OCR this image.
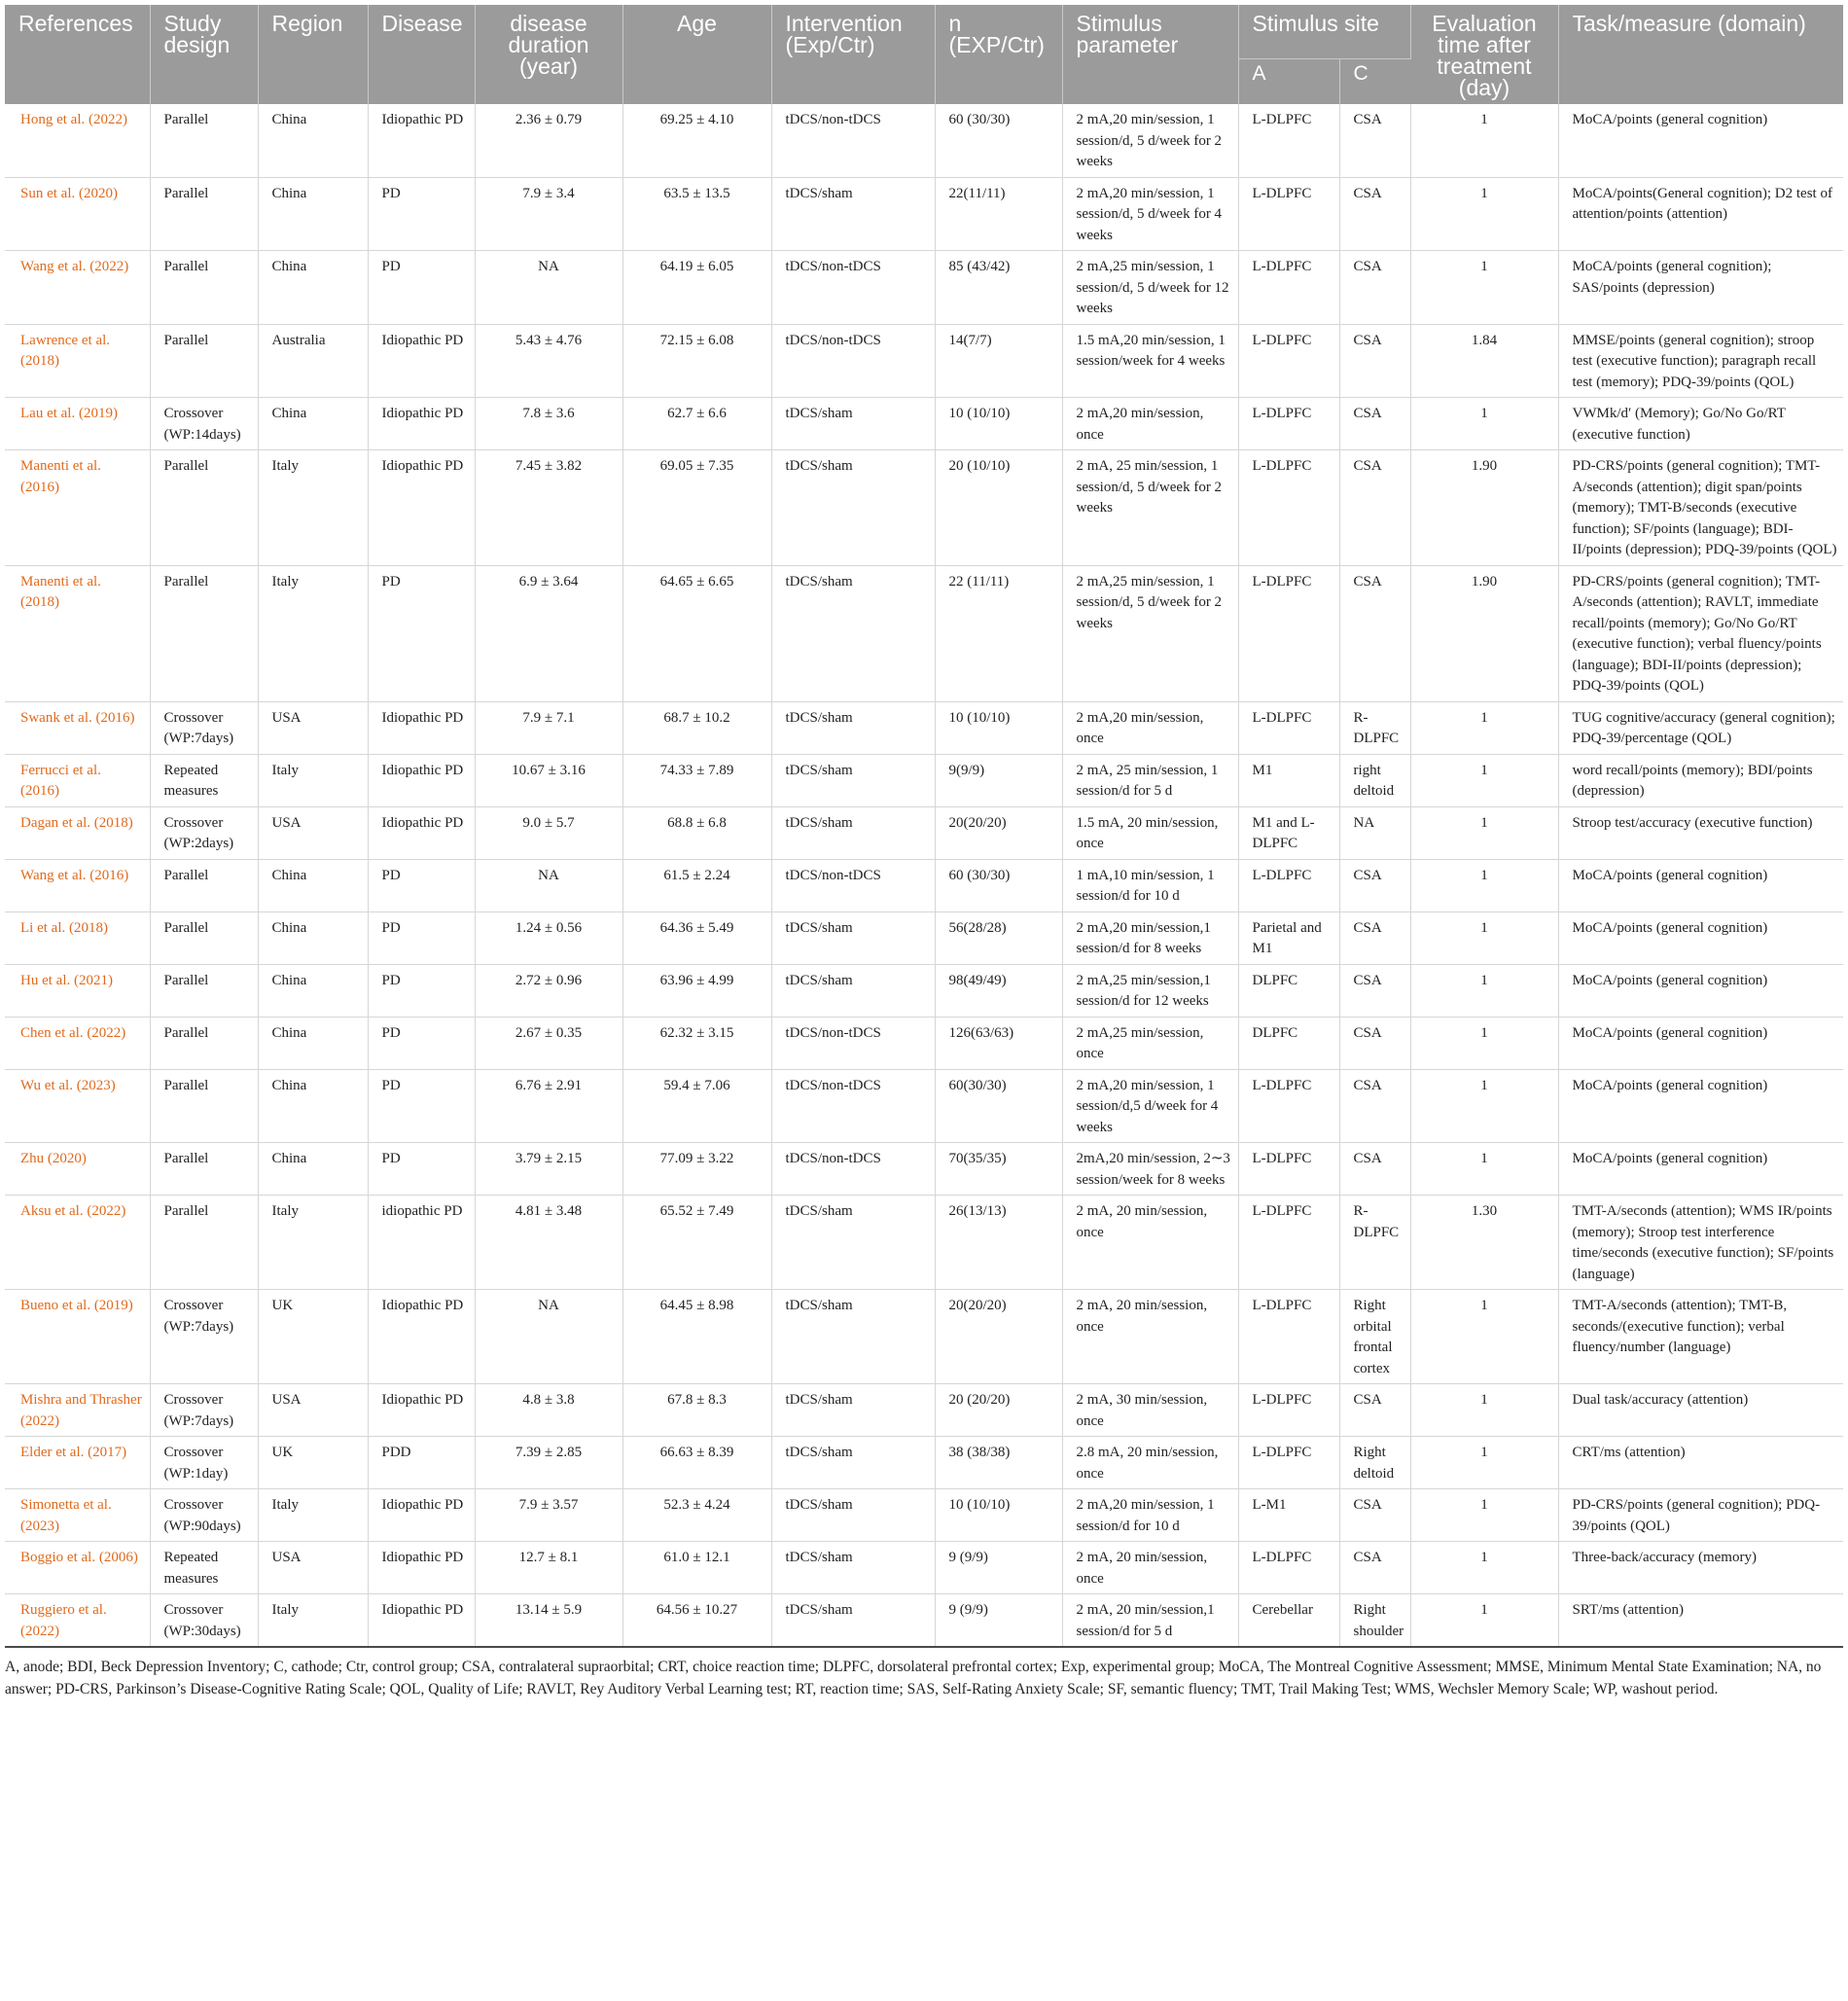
References	Study design	Region	Disease	disease duration (year)	Age	Intervention (Exp/Ctr)	n (EXP/Ctr)	Stimulus parameter	Stimulus site		Evaluation time after treatment (day)	Task/measure (domain)
									A	C		
Hong et al. (2022)	Parallel	China	Idiopathic PD	2.36 ± 0.79	69.25 ± 4.10	tDCS/non-tDCS	60 (30/30)	2 mA,20 min/session, 1 session/d, 5 d/week for 2 weeks	L-DLPFC	CSA	1	MoCA/points (general cognition)
Sun et al. (2020)	Parallel	China	PD	7.9 ± 3.4	63.5 ± 13.5	tDCS/sham	22(11/11)	2 mA,20 min/session, 1 session/d, 5 d/week for 4 weeks	L-DLPFC	CSA	1	MoCA/points(General cognition); D2 test of attention/points (attention)
Wang et al. (2022)	Parallel	China	PD	NA	64.19 ± 6.05	tDCS/non-tDCS	85 (43/42)	2 mA,25 min/session, 1 session/d, 5 d/week for 12 weeks	L-DLPFC	CSA	1	MoCA/points (general cognition); SAS/points (depression)
Lawrence et al. (2018)	Parallel	Australia	Idiopathic PD	5.43 ± 4.76	72.15 ± 6.08	tDCS/non-tDCS	14(7/7)	1.5 mA,20 min/session, 1 session/week for 4 weeks	L-DLPFC	CSA	1.84	MMSE/points (general cognition); stroop test (executive function); paragraph recall test (memory); PDQ-39/points (QOL)
Lau et al. (2019)	Crossover (WP:14days)	China	Idiopathic PD	7.8 ± 3.6	62.7 ± 6.6	tDCS/sham	10 (10/10)	2 mA,20 min/session, once	L-DLPFC	CSA	1	VWMk/d′ (Memory); Go/No Go/RT (executive function)
Manenti et al. (2016)	Parallel	Italy	Idiopathic PD	7.45 ± 3.82	69.05 ± 7.35	tDCS/sham	20 (10/10)	2 mA, 25 min/session, 1 session/d, 5 d/week for 2 weeks	L-DLPFC	CSA	1.90	PD-CRS/points (general cognition); TMT-A/seconds (attention); digit span/points (memory); TMT-B/seconds (executive function); SF/points (language); BDI-II/points (depression); PDQ-39/points (QOL)
Manenti et al. (2018)	Parallel	Italy	PD	6.9 ± 3.64	64.65 ± 6.65	tDCS/sham	22 (11/11)	2 mA,25 min/session, 1 session/d, 5 d/week for 2 weeks	L-DLPFC	CSA	1.90	PD-CRS/points (general cognition); TMT-A/seconds (attention); RAVLT, immediate recall/points (memory); Go/No Go/RT (executive function); verbal fluency/points (language); BDI-II/points (depression); PDQ-39/points (QOL)
Swank et al. (2016)	Crossover (WP:7days)	USA	Idiopathic PD	7.9 ± 7.1	68.7 ± 10.2	tDCS/sham	10 (10/10)	2 mA,20 min/session, once	L-DLPFC	R-DLPFC	1	TUG cognitive/accuracy (general cognition); PDQ-39/percentage (QOL)
Ferrucci et al. (2016)	Repeated measures	Italy	Idiopathic PD	10.67 ± 3.16	74.33 ± 7.89	tDCS/sham	9(9/9)	2 mA, 25 min/session, 1 session/d for 5 d	M1	right deltoid	1	word recall/points (memory); BDI/points (depression)
Dagan et al. (2018)	Crossover (WP:2days)	USA	Idiopathic PD	9.0 ± 5.7	68.8 ± 6.8	tDCS/sham	20(20/20)	1.5 mA, 20 min/session, once	M1 and L-DLPFC	NA	1	Stroop test/accuracy (executive function)
Wang et al. (2016)	Parallel	China	PD	NA	61.5 ± 2.24	tDCS/non-tDCS	60 (30/30)	1 mA,10 min/session, 1 session/d for 10 d	L-DLPFC	CSA	1	MoCA/points (general cognition)
Li et al. (2018)	Parallel	China	PD	1.24 ± 0.56	64.36 ± 5.49	tDCS/sham	56(28/28)	2 mA,20 min/session,1 session/d for 8 weeks	Parietal and M1	CSA	1	MoCA/points (general cognition)
Hu et al. (2021)	Parallel	China	PD	2.72 ± 0.96	63.96 ± 4.99	tDCS/sham	98(49/49)	2 mA,25 min/session,1 session/d for 12 weeks	DLPFC	CSA	1	MoCA/points (general cognition)
Chen et al. (2022)	Parallel	China	PD	2.67 ± 0.35	62.32 ± 3.15	tDCS/non-tDCS	126(63/63)	2 mA,25 min/session, once	DLPFC	CSA	1	MoCA/points (general cognition)
Wu et al. (2023)	Parallel	China	PD	6.76 ± 2.91	59.4 ± 7.06	tDCS/non-tDCS	60(30/30)	2 mA,20 min/session, 1 session/d,5 d/week for 4 weeks	L-DLPFC	CSA	1	MoCA/points (general cognition)
Zhu (2020)	Parallel	China	PD	3.79 ± 2.15	77.09 ± 3.22	tDCS/non-tDCS	70(35/35)	2mA,20 min/session, 2∼3 session/week for 8 weeks	L-DLPFC	CSA	1	MoCA/points (general cognition)
Aksu et al. (2022)	Parallel	Italy	idiopathic PD	4.81 ± 3.48	65.52 ± 7.49	tDCS/sham	26(13/13)	2 mA, 20 min/session, once	L-DLPFC	R-DLPFC	1.30	TMT-A/seconds (attention); WMS IR/points (memory); Stroop test interference time/seconds (executive function); SF/points (language)
Bueno et al. (2019)	Crossover (WP:7days)	UK	Idiopathic PD	NA	64.45 ± 8.98	tDCS/sham	20(20/20)	2 mA, 20 min/session, once	L-DLPFC	Right orbital frontal cortex	1	TMT-A/seconds (attention); TMT-B, seconds/(executive function); verbal fluency/number (language)
Mishra and Thrasher (2022)	Crossover (WP:7days)	USA	Idiopathic PD	4.8 ± 3.8	67.8 ± 8.3	tDCS/sham	20 (20/20)	2 mA, 30 min/session, once	L-DLPFC	CSA	1	Dual task/accuracy (attention)
Elder et al. (2017)	Crossover (WP:1day)	UK	PDD	7.39 ± 2.85	66.63 ± 8.39	tDCS/sham	38 (38/38)	2.8 mA, 20 min/session, once	L-DLPFC	Right deltoid	1	CRT/ms (attention)
Simonetta et al. (2023)	Crossover (WP:90days)	Italy	Idiopathic PD	7.9 ± 3.57	52.3 ± 4.24	tDCS/sham	10 (10/10)	2 mA,20 min/session, 1 session/d for 10 d	L-M1	CSA	1	PD-CRS/points (general cognition); PDQ-39/points (QOL)
Boggio et al. (2006)	Repeated measures	USA	Idiopathic PD	12.7 ± 8.1	61.0 ± 12.1	tDCS/sham	9 (9/9)	2 mA, 20 min/session, once	L-DLPFC	CSA	1	Three-back/accuracy (memory)
Ruggiero et al. (2022)	Crossover (WP:30days)	Italy	Idiopathic PD	13.14 ± 5.9	64.56 ± 10.27	tDCS/sham	9 (9/9)	2 mA, 20 min/session,1 session/d for 5 d	Cerebellar	Right shoulder	1	SRT/ms (attention)

A, anode; BDI, Beck Depression Inventory; C, cathode; Ctr, control group; CSA, contralateral supraorbital; CRT, choice reaction time; DLPFC, dorsolateral prefrontal cortex; Exp, experimental group; MoCA, The Montreal Cognitive Assessment; MMSE, Minimum Mental State Examination; NA, no answer; PD-CRS, Parkinson’s Disease-Cognitive Rating Scale; QOL, Quality of Life; RAVLT, Rey Auditory Verbal Learning test; RT, reaction time; SAS, Self-Rating Anxiety Scale; SF, semantic fluency; TMT, Trail Making Test; WMS, Wechsler Memory Scale; WP, washout period.
